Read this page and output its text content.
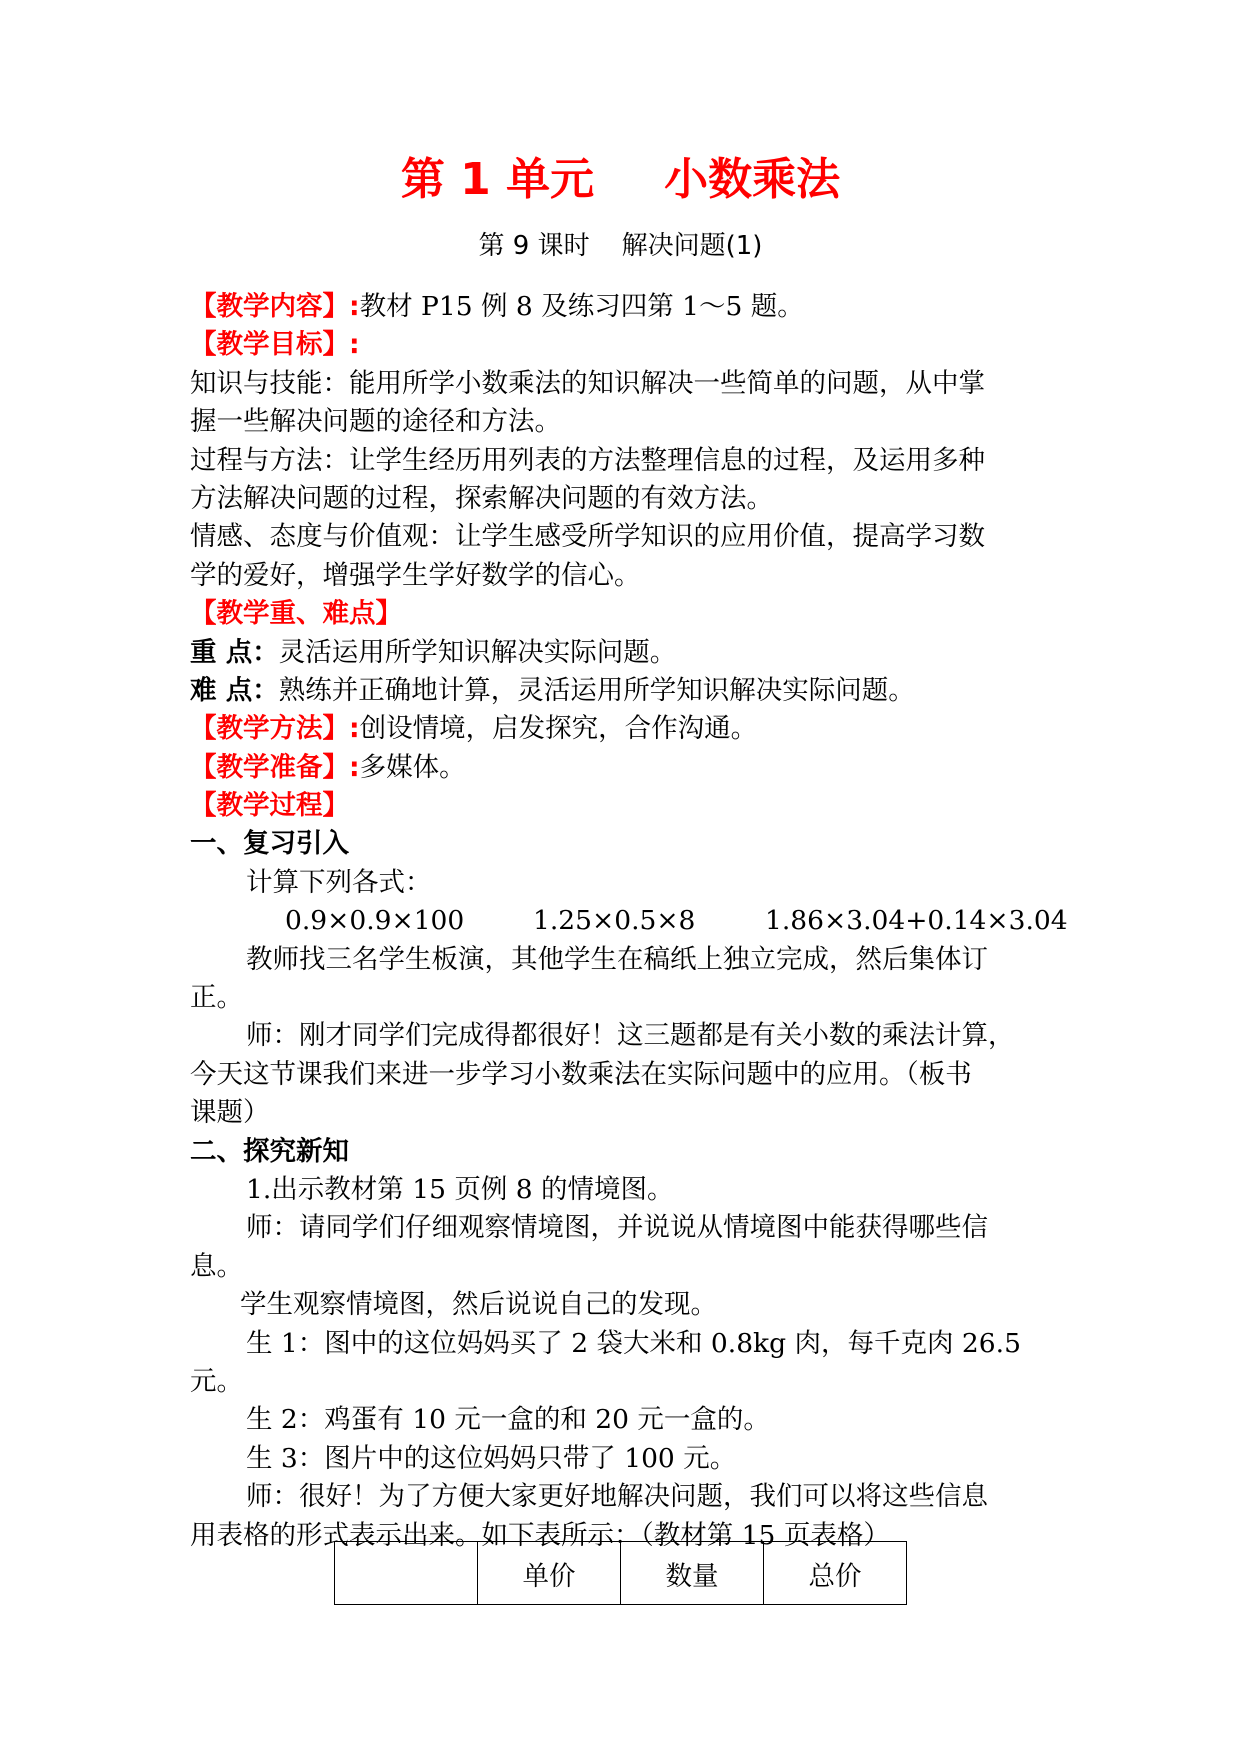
第 1 单元 小数乘法
第 9 课时 解决问题(1)
【教学内容】:教材 P15 例 8 及练习四第 1～5 题。
【教学目标】:
知识与技能：能用所学小数乘法的知识解决一些简单的问题，从中掌
握一些解决问题的途径和方法。
过程与方法：让学生经历用列表的方法整理信息的过程，及运用多种
方法解决问题的过程，探索解决问题的有效方法。
情感、态度与价值观：让学生感受所学知识的应用价值，提高学习数
学的爱好，增强学生学好数学的信心。
【教学重、难点】
重 点：灵活运用所学知识解决实际问题。
难 点：熟练并正确地计算，灵活运用所学知识解决实际问题。
【教学方法】:创设情境，启发探究，合作沟通。
【教学准备】:多媒体。
【教学过程】
一、复习引入
计算下列各式：
0.9×0.9×100	1.25×0.5×8	1.86×3.04+0.14×3.04
教师找三名学生板演，其他学生在稿纸上独立完成，然后集体订
正。
师：刚才同学们完成得都很好！这三题都是有关小数的乘法计算，
今天这节课我们来进一步学习小数乘法在实际问题中的应用。（板书
课题）
二、探究新知
1.出示教材第 15 页例 8 的情境图。
师：请同学们仔细观察情境图，并说说从情境图中能获得哪些信
息。
学生观察情境图，然后说说自己的发现。
生 1：图中的这位妈妈买了 2 袋大米和 0.8kg 肉，每千克肉 26.5
元。
生 2：鸡蛋有 10 元一盒的和 20 元一盒的。
生 3：图片中的这位妈妈只带了 100 元。
师：很好！为了方便大家更好地解决问题，我们可以将这些信息
用表格的形式表示出来。如下表所示：（教材第 15 页表格）
	单价	数量	总价
